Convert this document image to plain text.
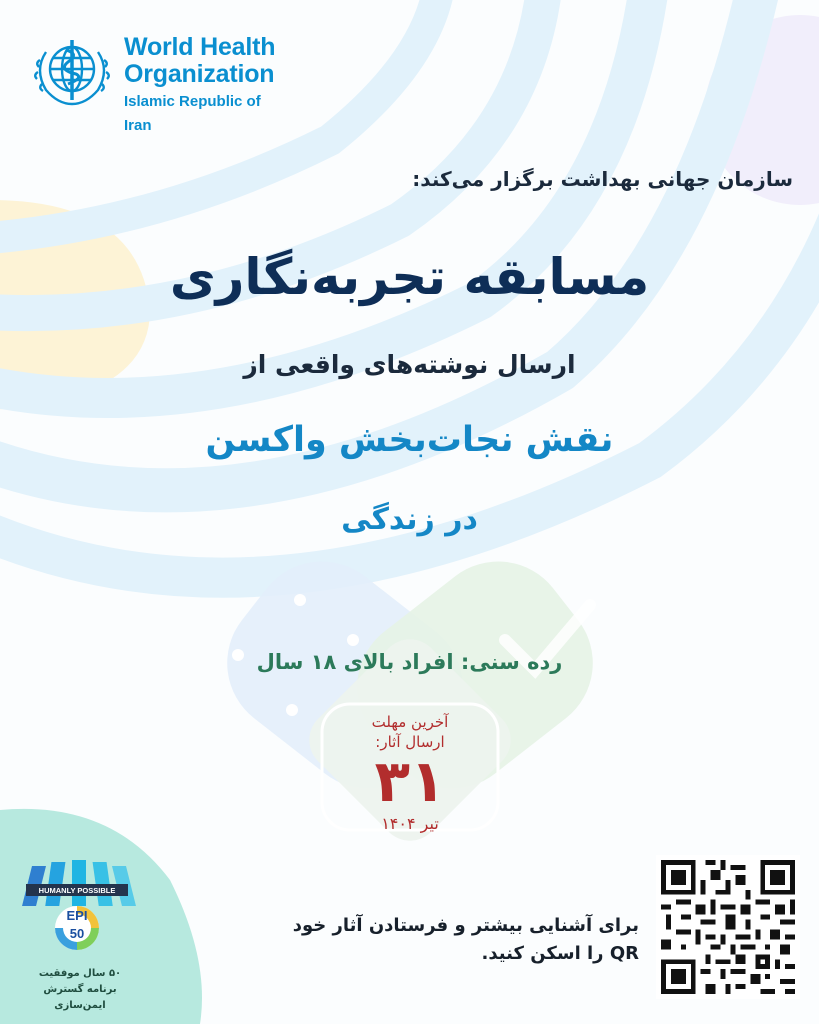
World Health
Organization
Islamic Republic of Iran
سازمان جهانی بهداشت برگزار می‌کند:
مسابقه تجربه‌نگاری
ارسال نوشته‌های واقعی از
نقش نجات‌بخش واکسن
در زندگی
رده سنی: افراد بالای ۱۸ سال
آخرین مهلت
ارسال آثار:
۳۱
تیر ۱۴۰۴
HUMANLY POSSIBLE
EPI
50
۵۰ سال موفقیت
برنامه گسترش ایمن‌سازی
برای آشنایی بیشتر و فرستادن آثار خود
QR را اسکن کنید.
